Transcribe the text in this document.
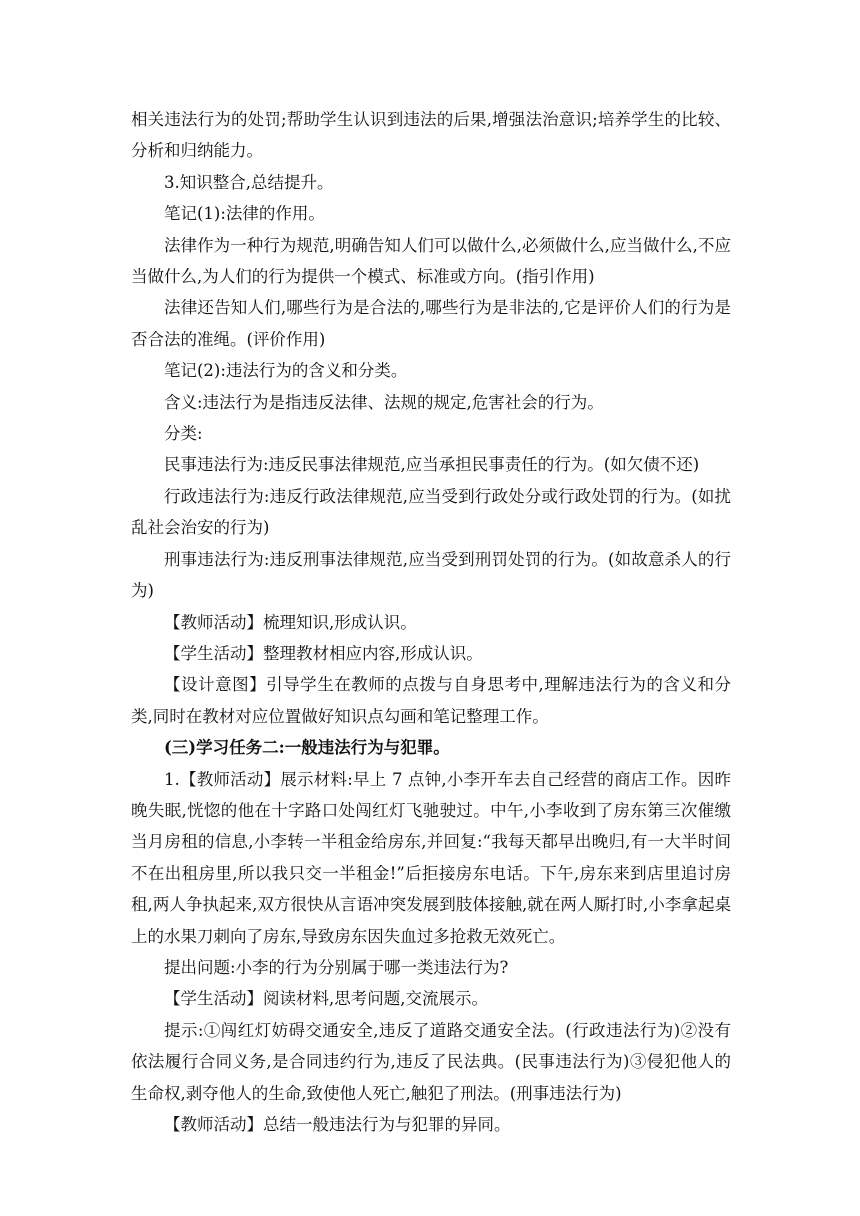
相关违法行为的处罚;帮助学生认识到违法的后果,增强法治意识;培养学生的比较、分析和归纳能力。

3.知识整合,总结提升。

笔记(1):法律的作用。

法律作为一种行为规范,明确告知人们可以做什么,必须做什么,应当做什么,不应当做什么,为人们的行为提供一个模式、标准或方向。(指引作用)

法律还告知人们,哪些行为是合法的,哪些行为是非法的,它是评价人们的行为是否合法的准绳。(评价作用)

笔记(2):违法行为的含义和分类。

含义:违法行为是指违反法律、法规的规定,危害社会的行为。

分类:

民事违法行为:违反民事法律规范,应当承担民事责任的行为。(如欠债不还)

行政违法行为:违反行政法律规范,应当受到行政处分或行政处罚的行为。(如扰乱社会治安的行为)

刑事违法行为:违反刑事法律规范,应当受到刑罚处罚的行为。(如故意杀人的行为)

【教师活动】梳理知识,形成认识。

【学生活动】整理教材相应内容,形成认识。

【设计意图】引导学生在教师的点拨与自身思考中,理解违法行为的含义和分类,同时在教材对应位置做好知识点勾画和笔记整理工作。

(三)学习任务二:一般违法行为与犯罪。

1.【教师活动】展示材料:早上 7 点钟,小李开车去自己经营的商店工作。因昨晚失眠,恍惚的他在十字路口处闯红灯飞驰驶过。中午,小李收到了房东第三次催缴当月房租的信息,小李转一半租金给房东,并回复:“我每天都早出晚归,有一大半时间不在出租房里,所以我只交一半租金!”后拒接房东电话。下午,房东来到店里追讨房租,两人争执起来,双方很快从言语冲突发展到肢体接触,就在两人厮打时,小李拿起桌上的水果刀刺向了房东,导致房东因失血过多抢救无效死亡。

提出问题:小李的行为分别属于哪一类违法行为?

【学生活动】阅读材料,思考问题,交流展示。

提示:①闯红灯妨碍交通安全,违反了道路交通安全法。(行政违法行为)②没有依法履行合同义务,是合同违约行为,违反了民法典。(民事违法行为)③侵犯他人的生命权,剥夺他人的生命,致使他人死亡,触犯了刑法。(刑事违法行为)

【教师活动】总结一般违法行为与犯罪的异同。
